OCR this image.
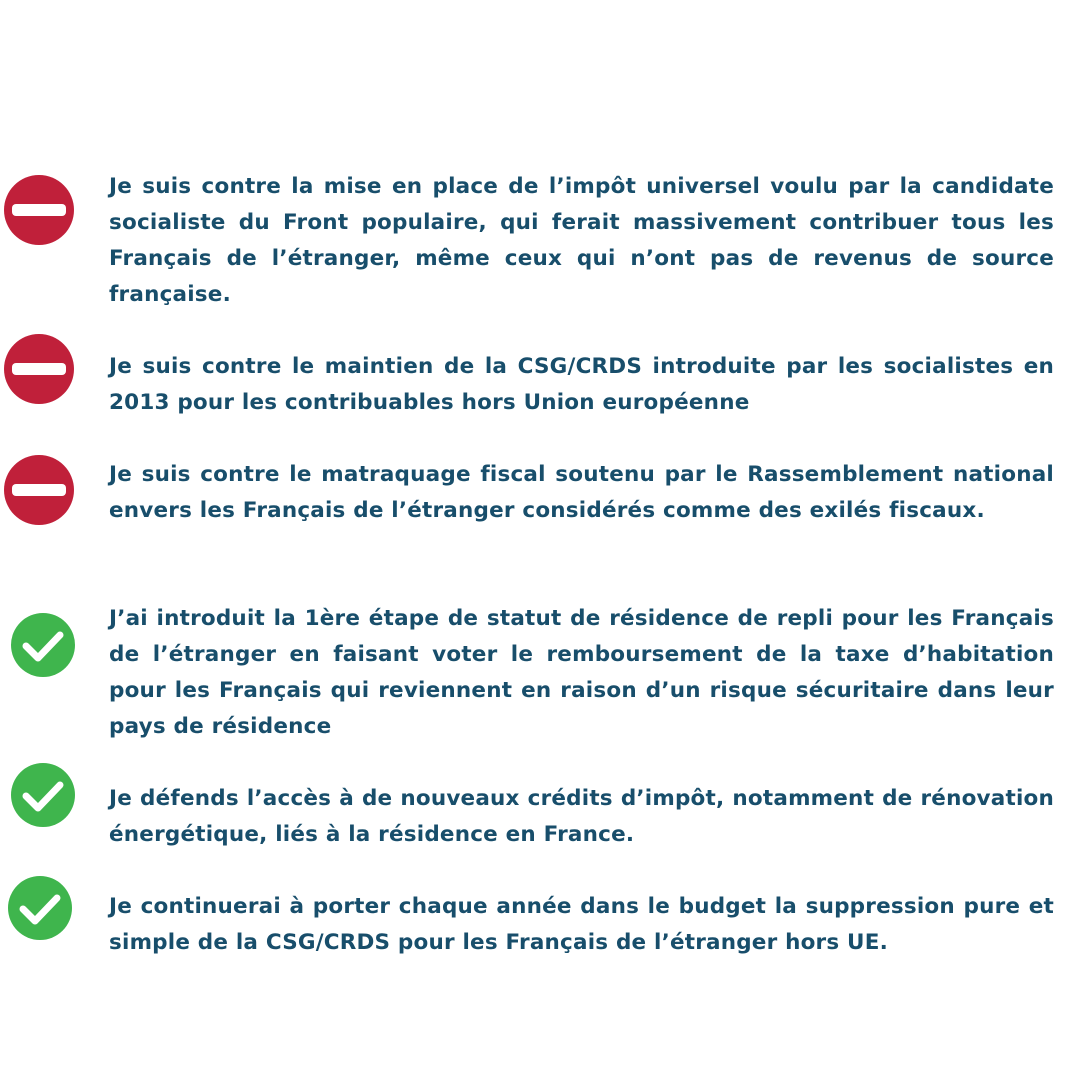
Je suis contre la mise en place de l’impôt universel voulu par la candidate socialiste du Front populaire, qui ferait massivement contribuer tous les Français de l’étranger, même ceux qui n’ont pas de revenus de source française.

Je suis contre le maintien de la CSG/CRDS introduite par les socialistes en 2013 pour les contribuables hors Union européenne

Je suis contre le matraquage fiscal soutenu par le Rassemblement national envers les Français de l’étranger considérés comme des exilés fiscaux.

J’ai introduit la 1ère étape de statut de résidence de repli pour les Français de l’étranger en faisant voter le remboursement de la taxe d’habitation pour les Français qui reviennent en raison d’un risque sécuritaire dans leur pays de résidence

Je défends l’accès à de nouveaux crédits d’impôt, notamment de rénovation énergétique, liés à la résidence en France.

Je continuerai à porter chaque année dans le budget la suppression pure et simple de la CSG/CRDS pour les Français de l’étranger hors UE.
